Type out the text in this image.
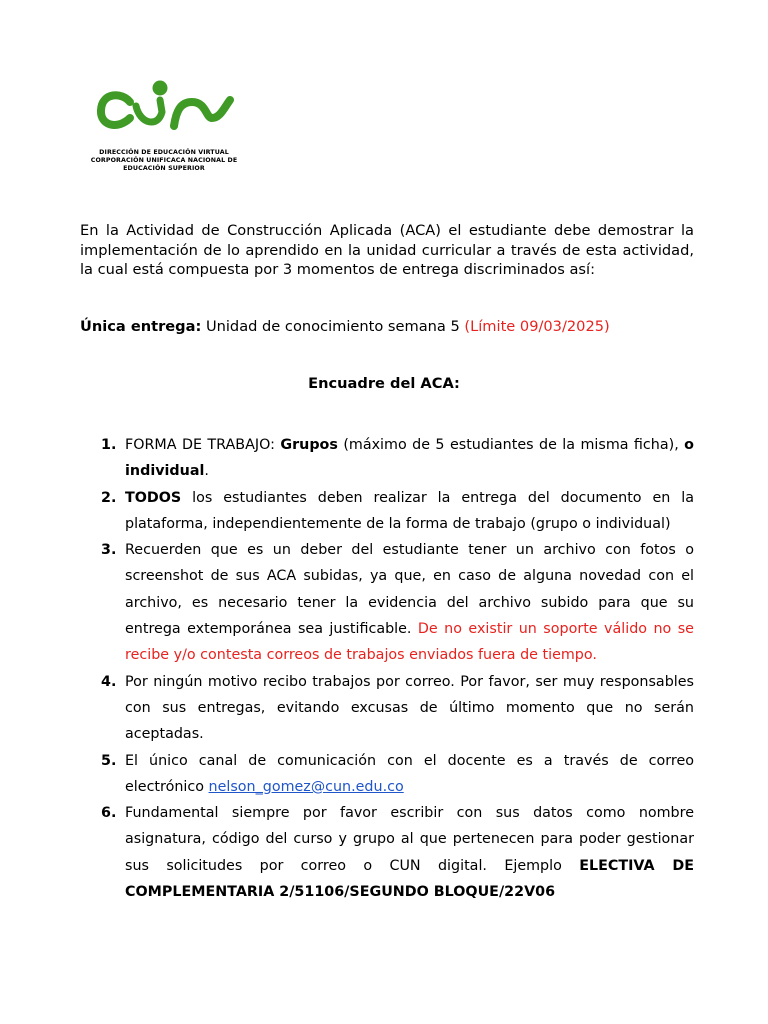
DIRECCIÓN DE EDUCACIÓN VIRTUAL
CORPORACIÓN UNIFICACA NACIONAL DE
EDUCACIÓN SUPERIOR

En la Actividad de Construcción Aplicada (ACA) el estudiante debe demostrar la implementación de lo aprendido en la unidad curricular a través de esta actividad, la cual está compuesta por 3 momentos de entrega discriminados así:

Única entrega: Unidad de conocimiento semana 5 (Límite 09/03/2025)
Encuadre del ACA:
1. FORMA DE TRABAJO: Grupos (máximo de 5 estudiantes de la misma ficha), o individual.
2. TODOS los estudiantes deben realizar la entrega del documento en la plataforma, independientemente de la forma de trabajo (grupo o individual)
3. Recuerden que es un deber del estudiante tener un archivo con fotos o screenshot de sus ACA subidas, ya que, en caso de alguna novedad con el archivo, es necesario tener la evidencia del archivo subido para que su entrega extemporánea sea justificable. De no existir un soporte válido no se recibe y/o contesta correos de trabajos enviados fuera de tiempo.
4. Por ningún motivo recibo trabajos por correo. Por favor, ser muy responsables con sus entregas, evitando excusas de último momento que no serán aceptadas.
5. El único canal de comunicación con el docente es a través de correo electrónico nelson_gomez@cun.edu.co
6. Fundamental siempre por favor escribir con sus datos como nombre asignatura, código del curso y grupo al que pertenecen para poder gestionar sus solicitudes por correo o CUN digital. Ejemplo ELECTIVA DE COMPLEMENTARIA 2/51106/SEGUNDO BLOQUE/22V06
